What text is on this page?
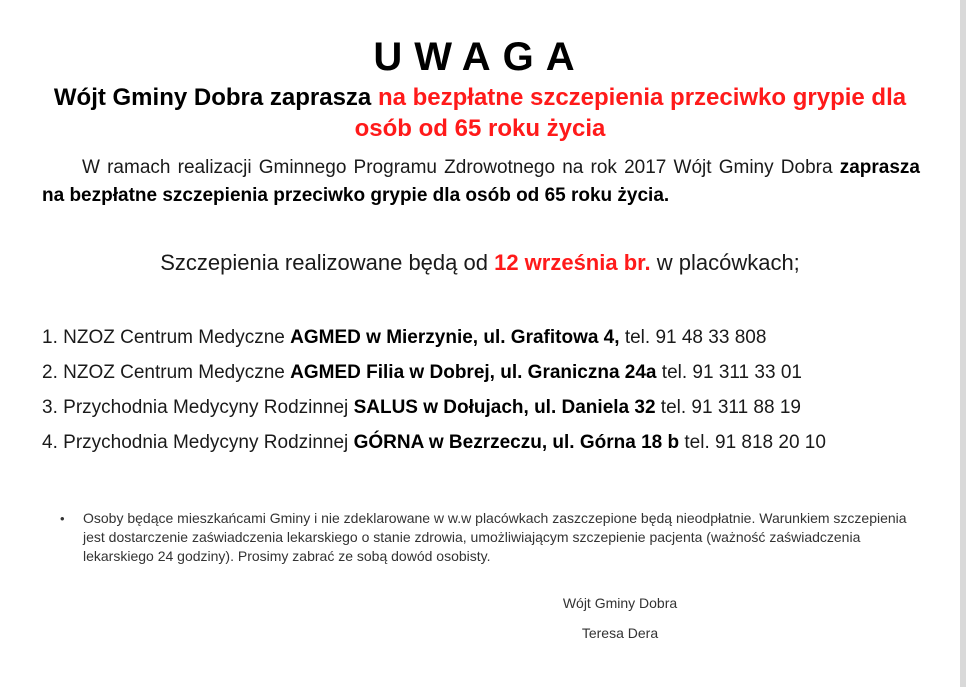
UWAGA
Wójt Gminy Dobra zaprasza na bezpłatne szczepienia przeciwko grypie dla osób od 65 roku życia
W ramach realizacji Gminnego Programu Zdrowotnego na rok 2017 Wójt Gminy Dobra zaprasza na bezpłatne szczepienia przeciwko grypie dla osób od 65 roku życia.
Szczepienia realizowane będą od 12 września br. w placówkach;
1. NZOZ Centrum Medyczne AGMED w Mierzynie, ul. Grafitowa 4, tel. 91 48 33 808
2. NZOZ Centrum Medyczne AGMED Filia w Dobrej, ul. Graniczna 24a tel. 91 311 33 01
3. Przychodnia Medycyny Rodzinnej SALUS w Dołujach, ul. Daniela 32 tel. 91 311 88 19
4. Przychodnia Medycyny Rodzinnej GÓRNA w Bezrzeczu, ul. Górna 18 b tel. 91 818 20 10
• Osoby będące mieszkańcami Gminy i nie zdeklarowane w w.w placówkach zaszczepione będą nieodpłatnie. Warunkiem szczepienia jest dostarczenie zaświadczenia lekarskiego o stanie zdrowia, umożliwiającym szczepienie pacjenta (ważność zaświadczenia lekarskiego 24 godziny). Prosimy zabrać ze sobą dowód osobisty.
Wójt Gminy Dobra
Teresa Dera
